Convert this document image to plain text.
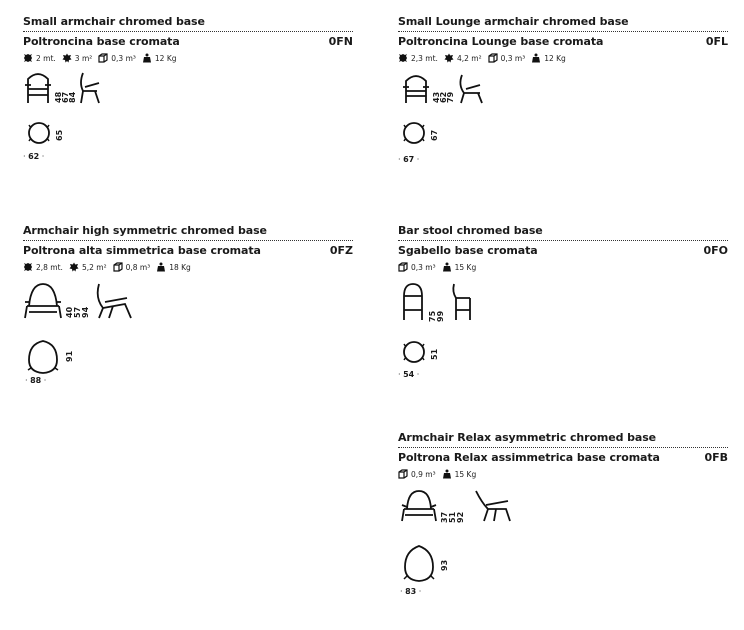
Small armchair chromed base
Poltroncina base cromata	0FN
2 mt.	3 m²	0,3 m³	12 Kg
48
67
84
65
· 62 ·
Small Lounge armchair chromed base
Poltroncina Lounge base cromata	0FL
2,3 mt.	4,2 m²	0,3 m³	12 Kg
43
62
79
67
· 67 ·
Armchair high symmetric chromed base
Poltrona alta simmetrica base cromata	0FZ
2,8 mt.	5,2 m²	0,8 m³	18 Kg
40 57 94
91
· 88 ·
Bar stool chromed base
Sgabello base cromata	0FO
0,3 m³	15 Kg
75 99
51
· 54 ·
Armchair Relax asymmetric chromed base
Poltrona Relax assimmetrica base cromata	0FB
0,9 m³	15 Kg
37 51 92
93
· 83 ·
